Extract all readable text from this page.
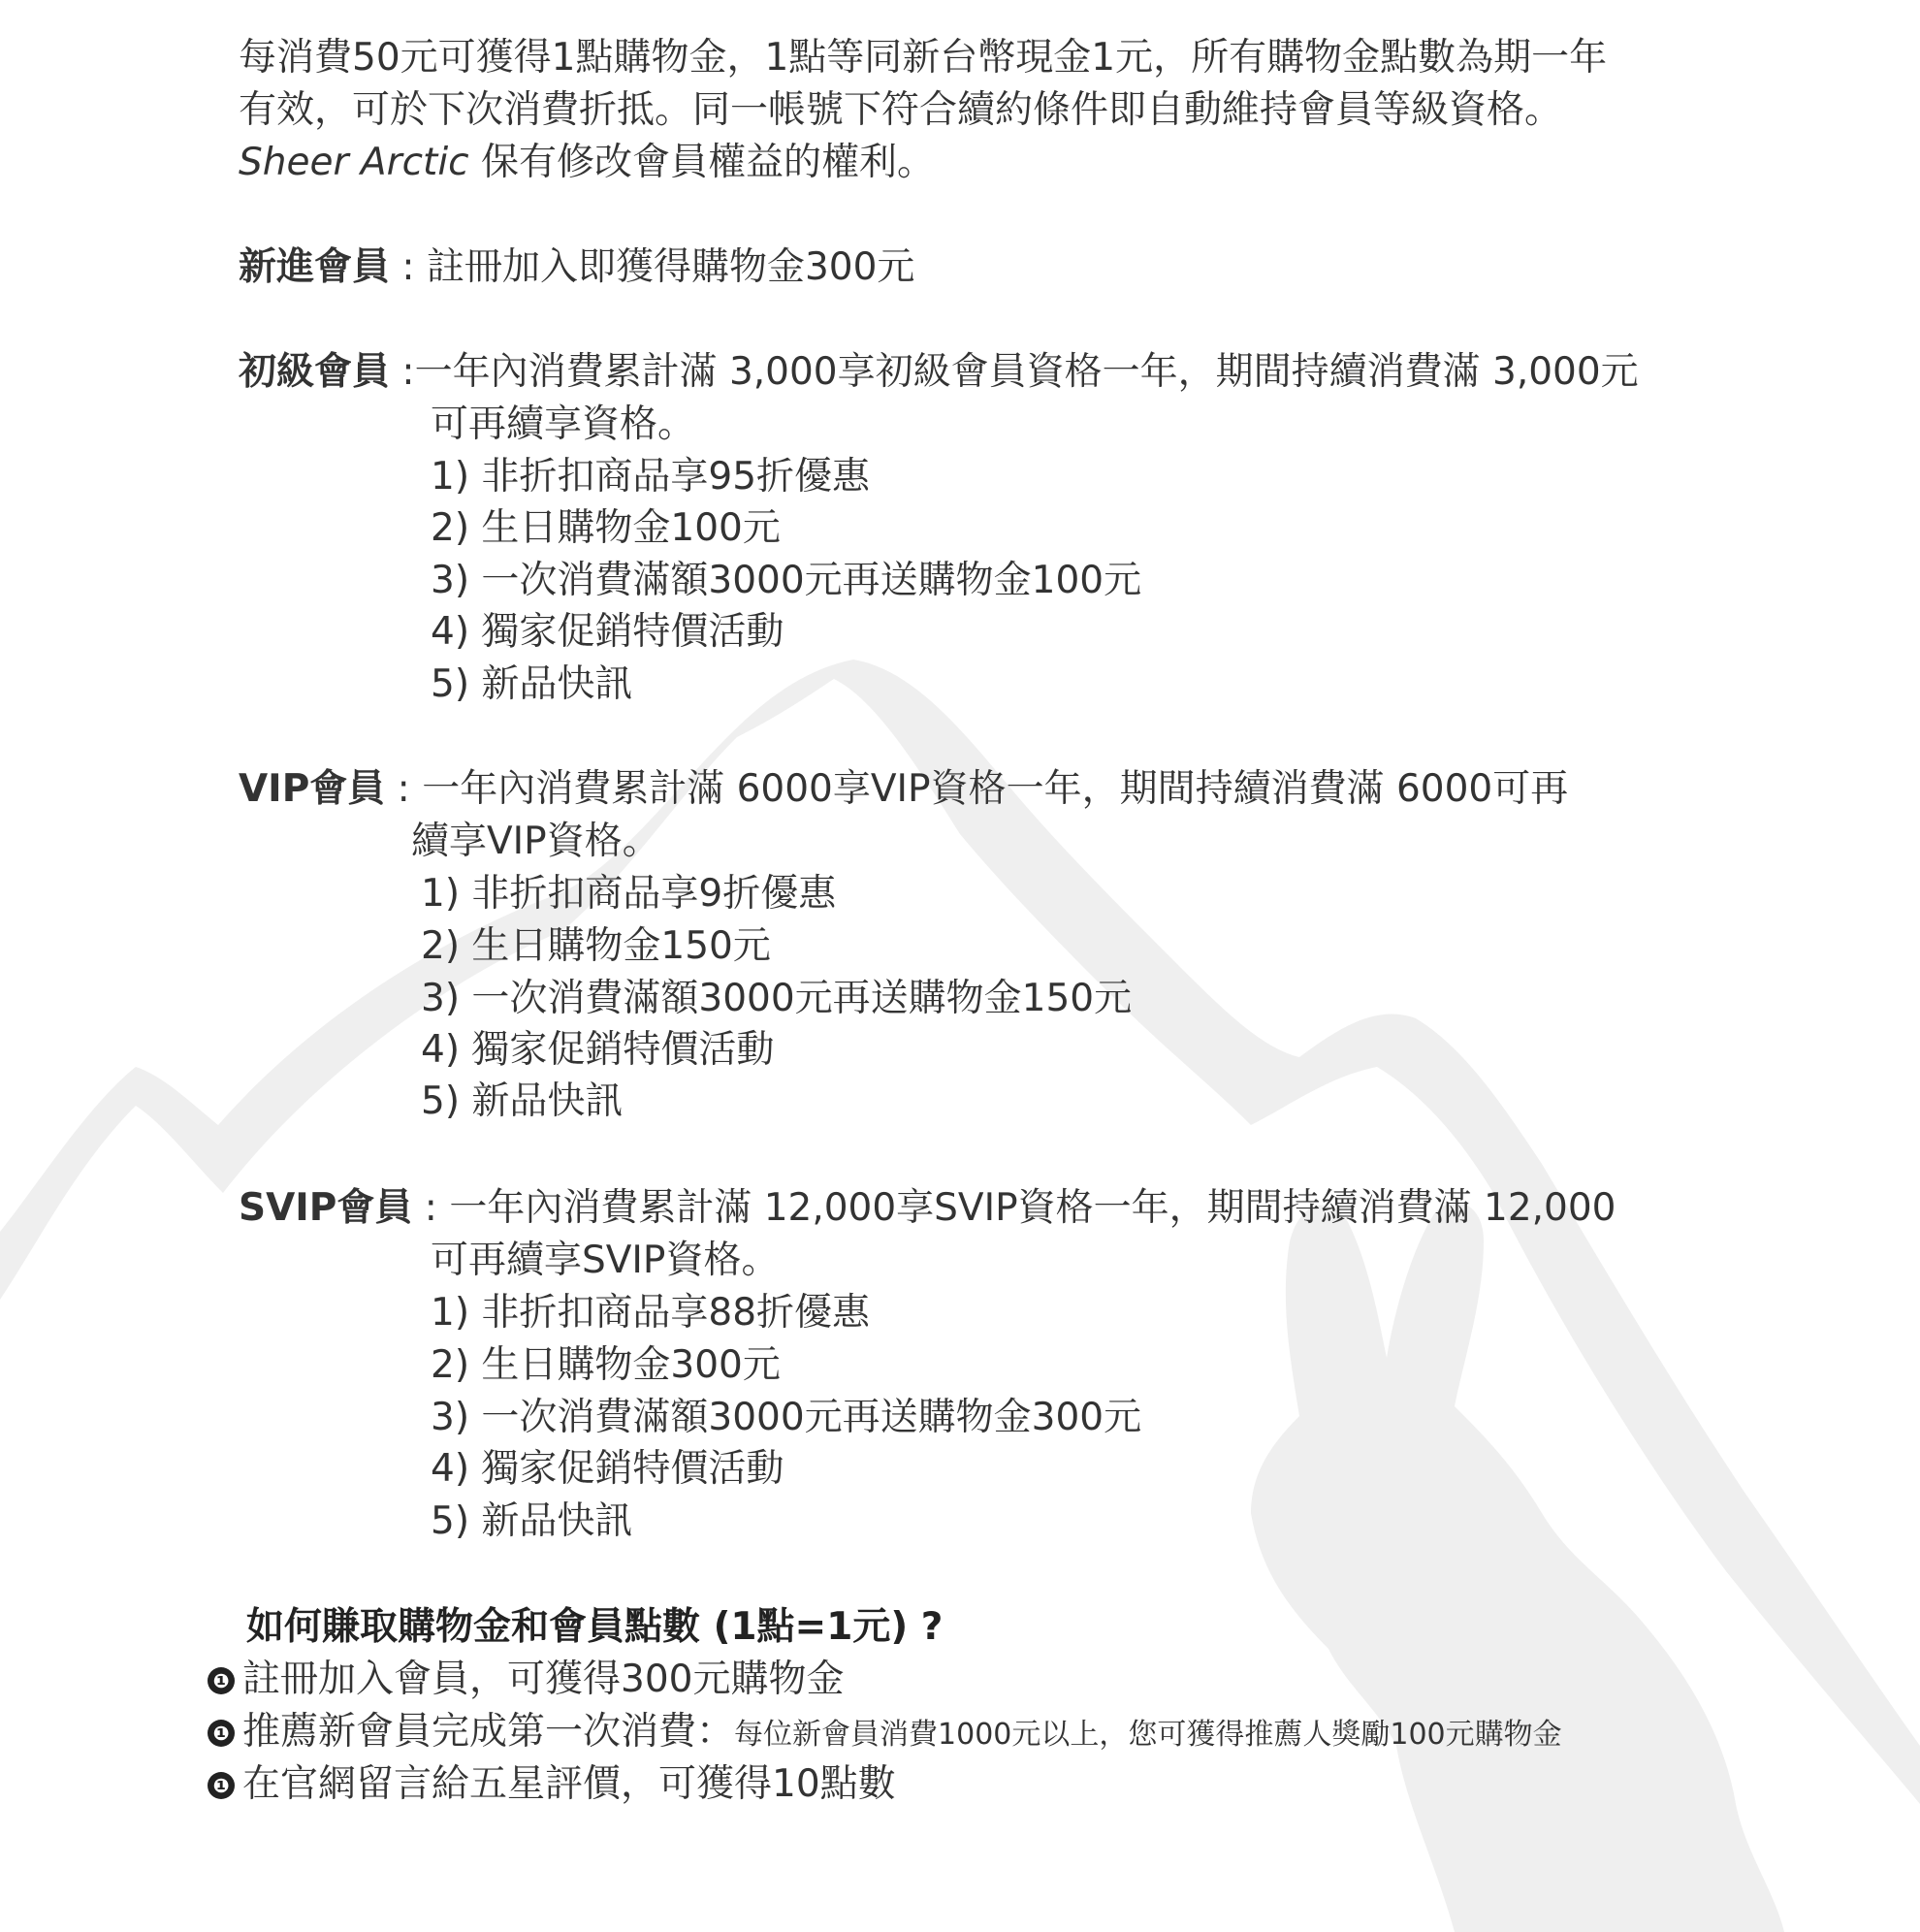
每消費50元可獲得1點購物金，1點等同新台幣現金1元，所有購物金點數為期一年
有效，可於下次消費折抵。同一帳號下符合續約條件即自動維持會員等級資格。
Sheer Arctic 保有修改會員權益的權利。
新進會員 : 註冊加入即獲得購物金300元
初級會員 :一年內消費累計滿 3,000享初級會員資格一年，期間持續消費滿 3,000元
可再續享資格。
1) 非折扣商品享95折優惠
2) 生日購物金100元
3) 一次消費滿額3000元再送購物金100元
4) 獨家促銷特價活動
5) 新品快訊
VIP會員 : 一年內消費累計滿 6000享VIP資格一年，期間持續消費滿 6000可再
續享VIP資格。
1) 非折扣商品享9折優惠
2) 生日購物金150元
3) 一次消費滿額3000元再送購物金150元
4) 獨家促銷特價活動
5) 新品快訊
SVIP會員 : 一年內消費累計滿 12,000享SVIP資格一年，期間持續消費滿 12,000
可再續享SVIP資格。
1) 非折扣商品享88折優惠
2) 生日購物金300元
3) 一次消費滿額3000元再送購物金300元
4) 獨家促銷特價活動
5) 新品快訊
如何賺取購物金和會員點數 (1點=1元) ?
❶ 註冊加入會員，可獲得300元購物金
❶ 推薦新會員完成第一次消費：每位新會員消費1000元以上，您可獲得推薦人獎勵100元購物金
❶ 在官網留言給五星評價，可獲得10點數
